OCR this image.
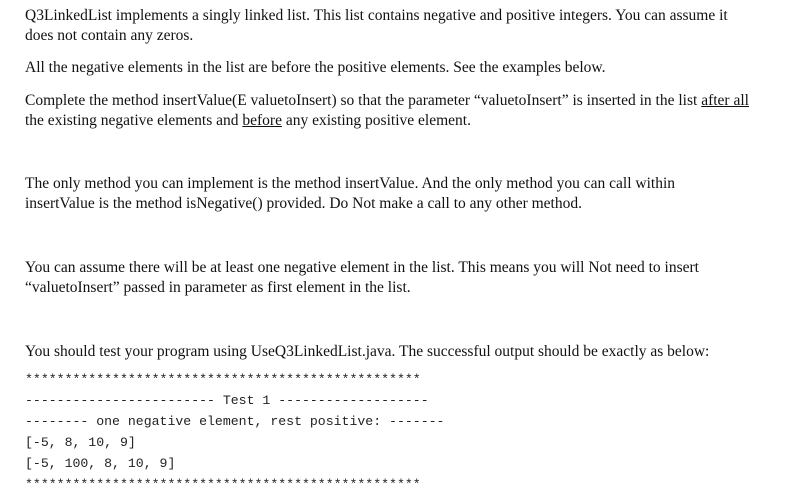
Q3LinkedList implements a singly linked list. This list contains negative and positive integers. You can assume it does not contain any zeros.

All the negative elements in the list are before the positive elements. See the examples below.

Complete the method insertValue(E valuetoInsert) so that the parameter “valuetoInsert” is inserted in the list after all the existing negative elements and before any existing positive element.

The only method you can implement is the method insertValue. And the only method you can call within insertValue is the method isNegative() provided. Do Not make a call to any other method.

You can assume there will be at least one negative element in the list. This means you will Not need to insert “valuetoInsert” passed in parameter as first element in the list.

You should test your program using UseQ3LinkedList.java. The successful output should be exactly as below:

**************************************************
------------------------ Test 1 -------------------
-------- one negative element, rest positive: -------
[-5, 8, 10, 9]
[-5, 100, 8, 10, 9]
**************************************************
